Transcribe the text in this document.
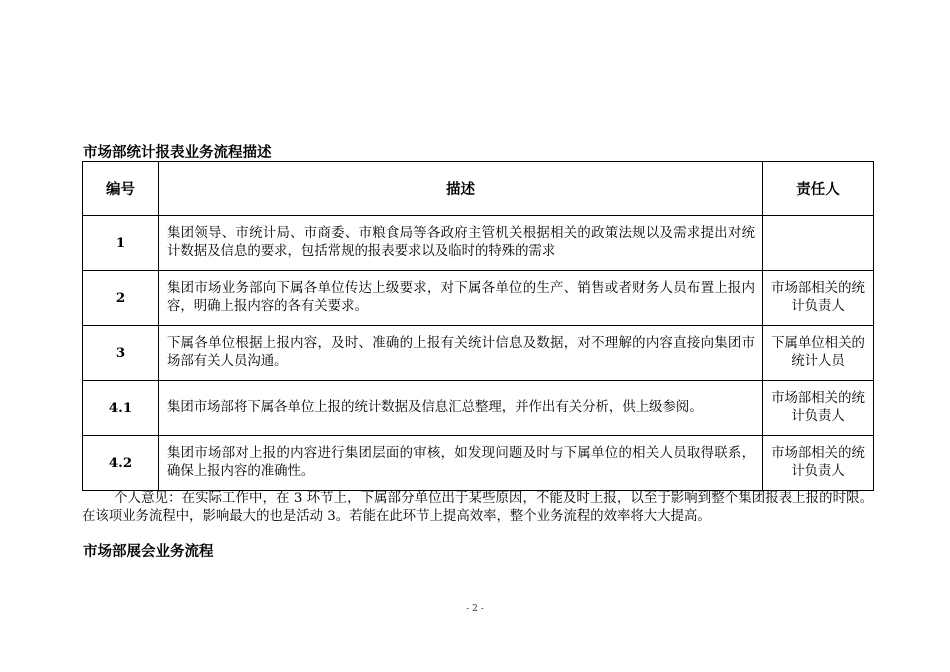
市场部统计报表业务流程描述
编号	描述	责任人
1	集团领导、市统计局、市商委、市粮食局等各政府主管机关根据相关的政策法规以及需求提出对统计数据及信息的要求，包括常规的报表要求以及临时的特殊的需求	
2	集团市场业务部向下属各单位传达上级要求，对下属各单位的生产、销售或者财务人员布置上报内容，明确上报内容的各有关要求。	市场部相关的统计负责人
3	下属各单位根据上报内容，及时、准确的上报有关统计信息及数据，对不理解的内容直接向集团市场部有关人员沟通。	下属单位相关的统计人员
4.1	集团市场部将下属各单位上报的统计数据及信息汇总整理，并作出有关分析，供上级参阅。	市场部相关的统计负责人
4.2	集团市场部对上报的内容进行集团层面的审核，如发现问题及时与下属单位的相关人员取得联系，确保上报内容的准确性。	市场部相关的统计负责人

个人意见：在实际工作中，在 3 环节上，下属部分单位出于某些原因，不能及时上报，以至于影响到整个集团报表上报的时限。在该项业务流程中，影响最大的也是活动 3。若能在此环节上提高效率，整个业务流程的效率将大大提高。

市场部展会业务流程
- 2 -
